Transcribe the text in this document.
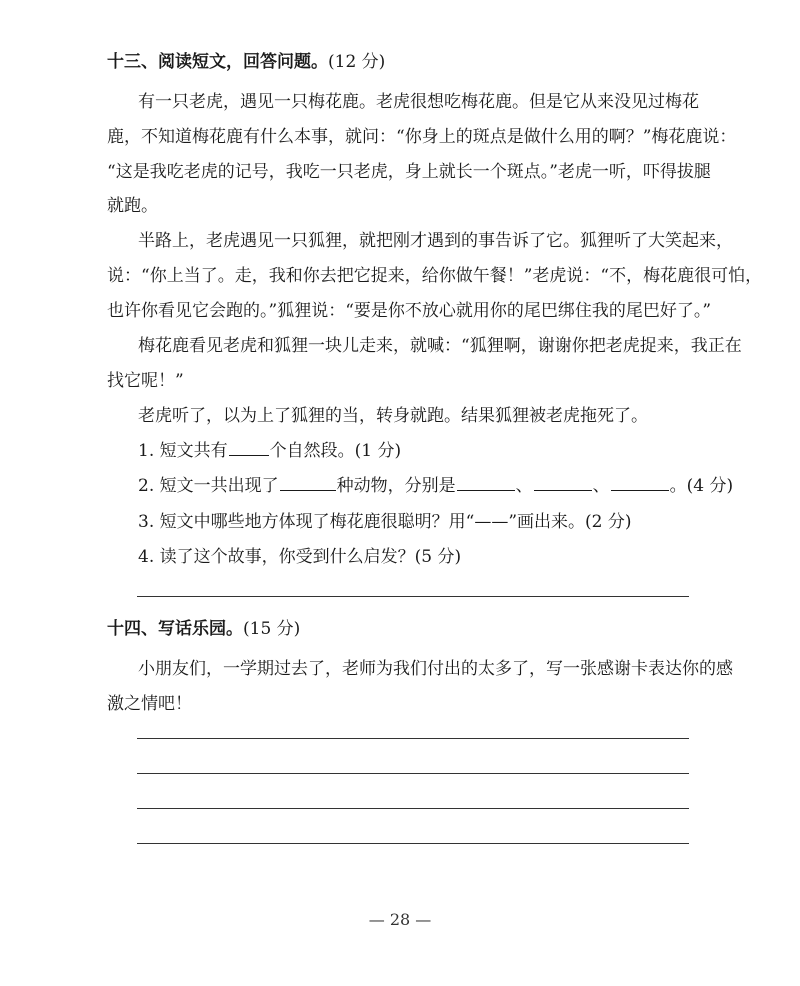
十三、阅读短文，回答问题。(12 分)
有一只老虎，遇见一只梅花鹿。老虎很想吃梅花鹿。但是它从来没见过梅花
鹿，不知道梅花鹿有什么本事，就问：“你身上的斑点是做什么用的啊？”梅花鹿说：
“这是我吃老虎的记号，我吃一只老虎，身上就长一个斑点。”老虎一听，吓得拔腿
就跑。
半路上，老虎遇见一只狐狸，就把刚才遇到的事告诉了它。狐狸听了大笑起来，
说：“你上当了。走，我和你去把它捉来，给你做午餐！”老虎说：“不，梅花鹿很可怕，
也许你看见它会跑的。”狐狸说：“要是你不放心就用你的尾巴绑住我的尾巴好了。”
梅花鹿看见老虎和狐狸一块儿走来，就喊：“狐狸啊，谢谢你把老虎捉来，我正在
找它呢！”
老虎听了，以为上了狐狸的当，转身就跑。结果狐狸被老虎拖死了。
1. 短文共有 个自然段。(1 分)
2. 短文一共出现了	种动物，分别是	、	、	。(4 分)
3. 短文中哪些地方体现了梅花鹿很聪明？用“——”画出来。(2 分)
4. 读了这个故事，你受到什么启发？(5 分)
十四、写话乐园。(15 分)
小朋友们，一学期过去了，老师为我们付出的太多了，写一张感谢卡表达你的感
激之情吧！
— 28 —
